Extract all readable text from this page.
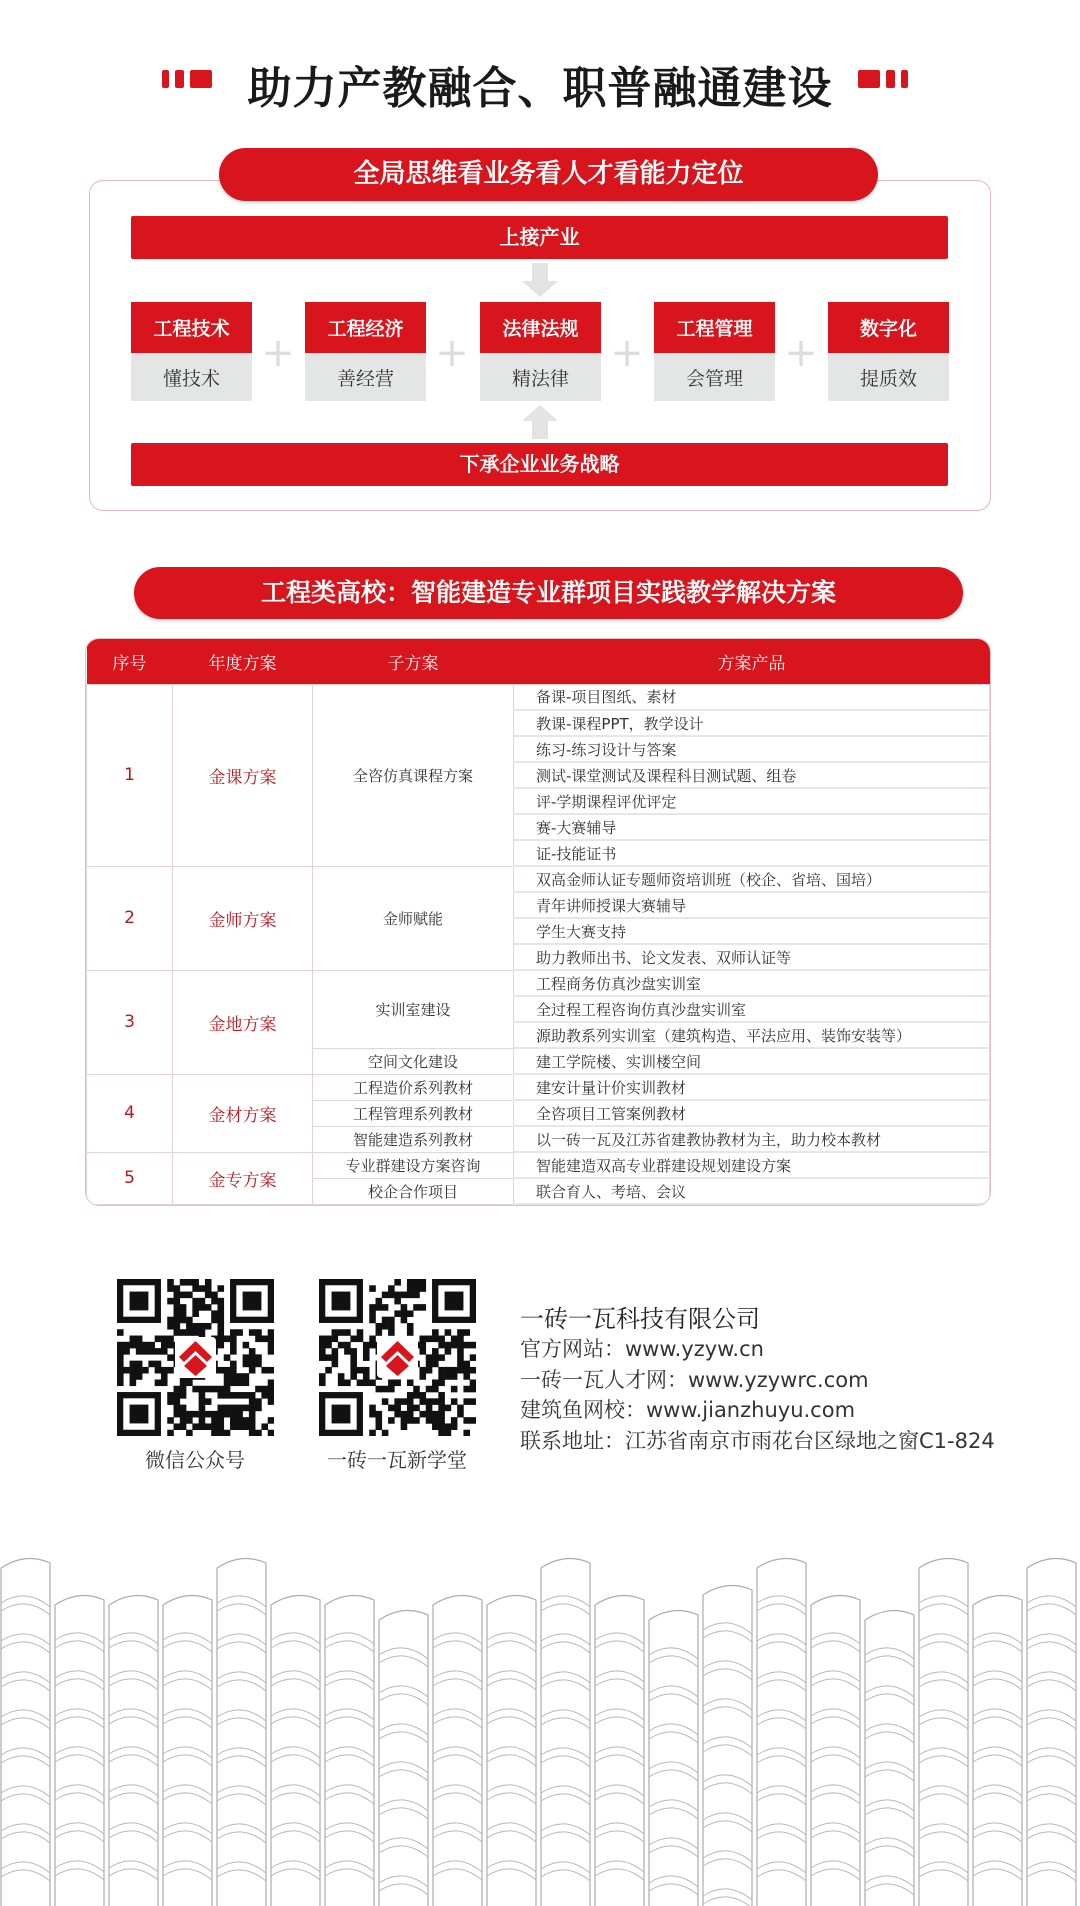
助力产教融合、职普融通建设
全局思维看业务看人才看能力定位
上接产业
工程技术
懂技术
+
工程经济
善经营
+
法律法规
精法律
+
工程管理
会管理
+
数字化
提质效
下承企业业务战略
工程类高校：智能建造专业群项目实践教学解决方案
序号	年度方案	子方案	方案产品
1	金课方案	全咨仿真课程方案	备课-项目图纸、素材
			教课-课程PPT，教学设计
			练习-练习设计与答案
			测试-课堂测试及课程科目测试题、组卷
			评-学期课程评优评定
			赛-大赛辅导
			证-技能证书
2	金师方案	金师赋能	双高金师认证专题师资培训班（校企、省培、国培）
			青年讲师授课大赛辅导
			学生大赛支持
			助力教师出书、论文发表、双师认证等
3	金地方案	实训室建设	工程商务仿真沙盘实训室
			全过程工程咨询仿真沙盘实训室
			源助教系列实训室（建筑构造、平法应用、装饰安装等）
		空间文化建设	建工学院楼、实训楼空间
4	金材方案	工程造价系列教材	建安计量计价实训教材
		工程管理系列教材	全咨项目工管案例教材
		智能建造系列教材	以一砖一瓦及江苏省建教协教材为主，助力校本教材
5	金专方案	专业群建设方案咨询	智能建造双高专业群建设规划建设方案
		校企合作项目	联合育人、考培、会议
微信公众号	一砖一瓦新学堂
一砖一瓦科技有限公司
官方网站：www.yzyw.cn
一砖一瓦人才网：www.yzywrc.com
建筑鱼网校：www.jianzhuyu.com
联系地址：江苏省南京市雨花台区绿地之窗C1-824
